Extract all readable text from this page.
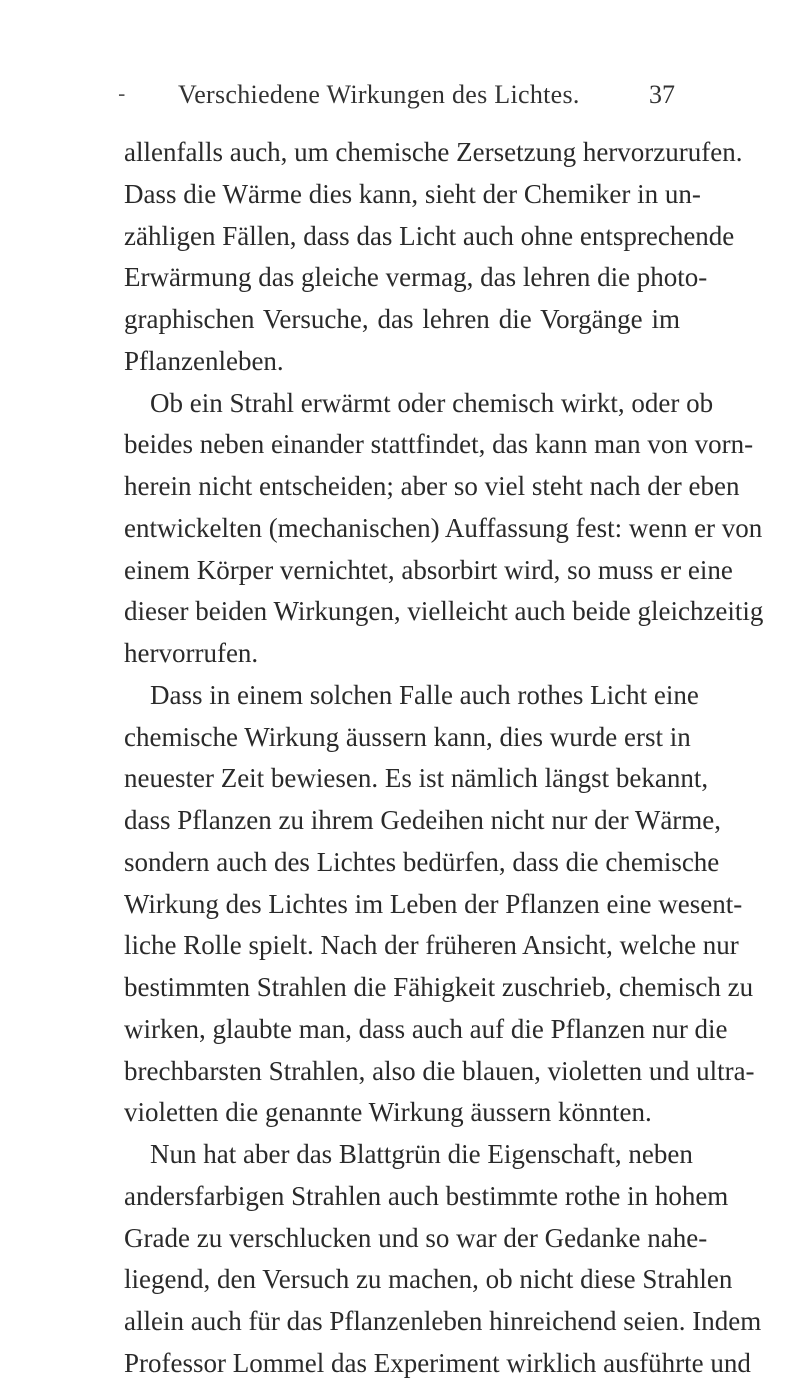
- Verschiedene Wirkungen des Lichtes.	37
allenfalls auch, um chemische Zersetzung hervorzurufen.
Dass die Wärme dies kann, sieht der Chemiker in un-
zähligen Fällen, dass das Licht auch ohne entsprechende
Erwärmung das gleiche vermag, das lehren die photo-
graphischen Versuche, das lehren die Vorgänge im
Pflanzenleben.
Ob ein Strahl erwärmt oder chemisch wirkt, oder ob
beides neben einander stattfindet, das kann man von vorn-
herein nicht entscheiden; aber so viel steht nach der eben
entwickelten (mechanischen) Auffassung fest: wenn er von
einem Körper vernichtet, absorbirt wird, so muss er eine
dieser beiden Wirkungen, vielleicht auch beide gleichzeitig
hervorrufen.
Dass in einem solchen Falle auch rothes Licht eine
chemische Wirkung äussern kann, dies wurde erst in
neuester Zeit bewiesen. Es ist nämlich längst bekannt,
dass Pflanzen zu ihrem Gedeihen nicht nur der Wärme,
sondern auch des Lichtes bedürfen, dass die chemische
Wirkung des Lichtes im Leben der Pflanzen eine wesent-
liche Rolle spielt. Nach der früheren Ansicht, welche nur
bestimmten Strahlen die Fähigkeit zuschrieb, chemisch zu
wirken, glaubte man, dass auch auf die Pflanzen nur die
brechbarsten Strahlen, also die blauen, violetten und ultra-
violetten die genannte Wirkung äussern könnten.
Nun hat aber das Blattgrün die Eigenschaft, neben
andersfarbigen Strahlen auch bestimmte rothe in hohem
Grade zu verschlucken und so war der Gedanke nahe-
liegend, den Versuch zu machen, ob nicht diese Strahlen
allein auch für das Pflanzenleben hinreichend seien. Indem
Professor Lommel das Experiment wirklich ausführte und
